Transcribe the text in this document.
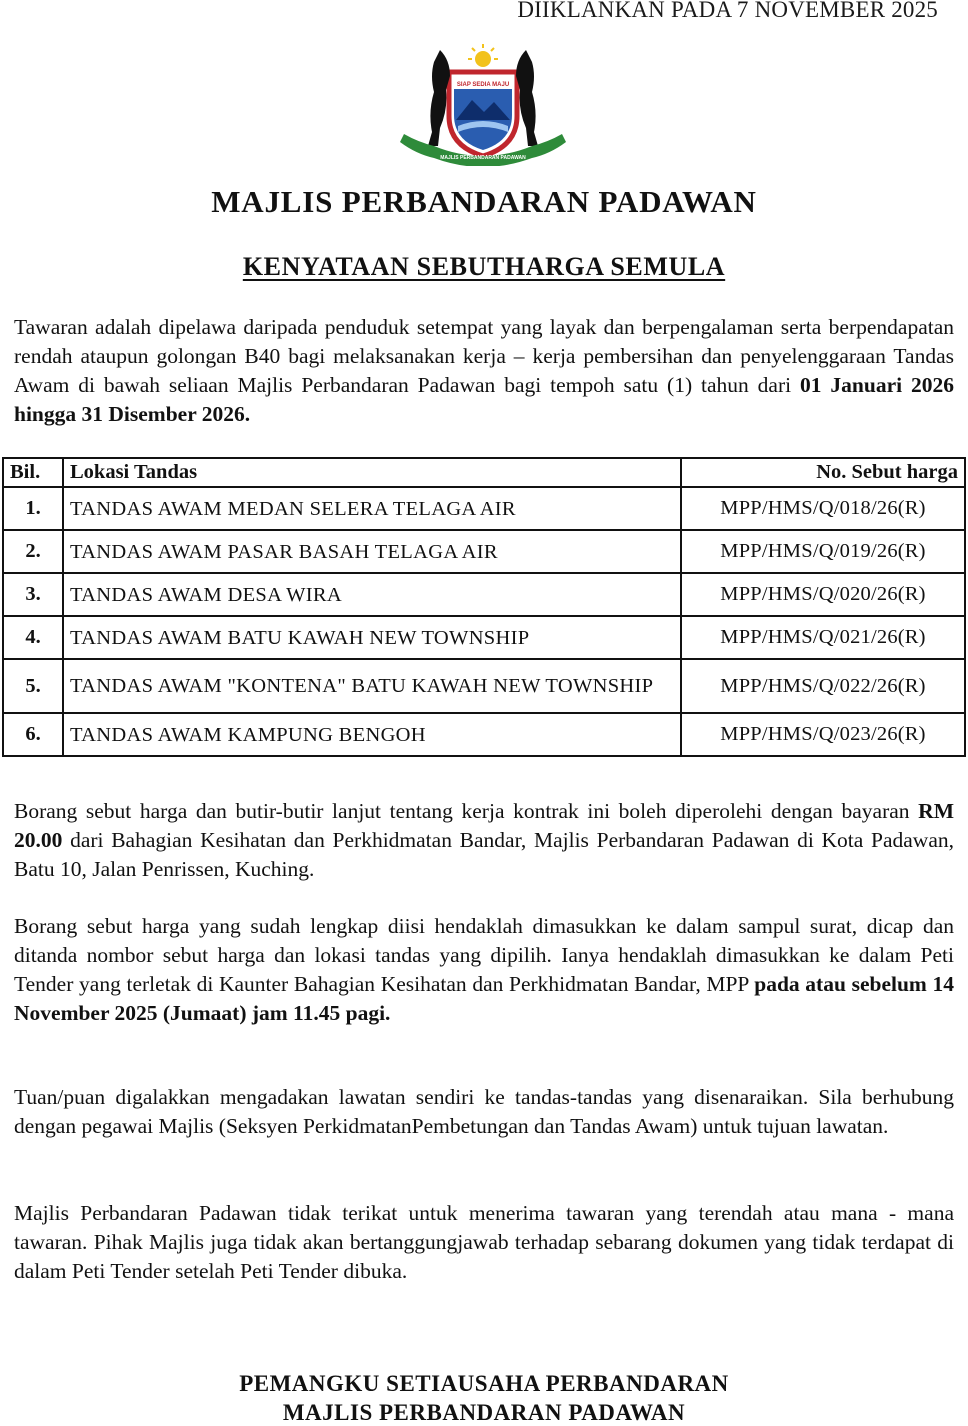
DIIKLANKAN PADA 7 NOVEMBER 2025
SIAP SEDIA MAJU
MAJLIS PERBANDARAN PADAWAN
MAJLIS PERBANDARAN PADAWAN
KENYATAAN SEBUTHARGA SEMULA

Tawaran adalah dipelawa daripada penduduk setempat yang layak dan berpengalaman serta berpendapatan rendah ataupun golongan B40 bagi melaksanakan kerja – kerja pembersihan dan penyelenggaraan Tandas Awam di bawah seliaan Majlis Perbandaran Padawan bagi tempoh satu (1) tahun dari 01 Januari 2026 hingga 31 Disember 2026.

Bil.	Lokasi Tandas	No. Sebut harga
1.	TANDAS AWAM MEDAN SELERA TELAGA AIR	MPP/HMS/Q/018/26(R)
2.	TANDAS AWAM PASAR BASAH TELAGA AIR	MPP/HMS/Q/019/26(R)
3.	TANDAS AWAM DESA WIRA	MPP/HMS/Q/020/26(R)
4.	TANDAS AWAM BATU KAWAH NEW TOWNSHIP	MPP/HMS/Q/021/26(R)
5.	TANDAS AWAM "KONTENA" BATU KAWAH NEW TOWNSHIP	MPP/HMS/Q/022/26(R)
6.	TANDAS AWAM KAMPUNG BENGOH	MPP/HMS/Q/023/26(R)

Borang sebut harga dan butir-butir lanjut tentang kerja kontrak ini boleh diperolehi dengan bayaran RM 20.00 dari Bahagian Kesihatan dan Perkhidmatan Bandar, Majlis Perbandaran Padawan di Kota Padawan, Batu 10, Jalan Penrissen, Kuching.

Borang sebut harga yang sudah lengkap diisi hendaklah dimasukkan ke dalam sampul surat, dicap dan ditanda nombor sebut harga dan lokasi tandas yang dipilih. Ianya hendaklah dimasukkan ke dalam Peti Tender yang terletak di Kaunter Bahagian Kesihatan dan Perkhidmatan Bandar, MPP pada atau sebelum 14 November 2025 (Jumaat) jam 11.45 pagi.

Tuan/puan digalakkan mengadakan lawatan sendiri ke tandas-tandas yang disenaraikan. Sila berhubung dengan pegawai Majlis (Seksyen PerkidmatanPembetungan dan Tandas Awam) untuk tujuan lawatan.

Majlis Perbandaran Padawan tidak terikat untuk menerima tawaran yang terendah atau mana - mana tawaran. Pihak Majlis juga tidak akan bertanggungjawab terhadap sebarang dokumen yang tidak terdapat di dalam Peti Tender setelah Peti Tender dibuka.

PEMANGKU SETIAUSAHA PERBANDARAN
MAJLIS PERBANDARAN PADAWAN
